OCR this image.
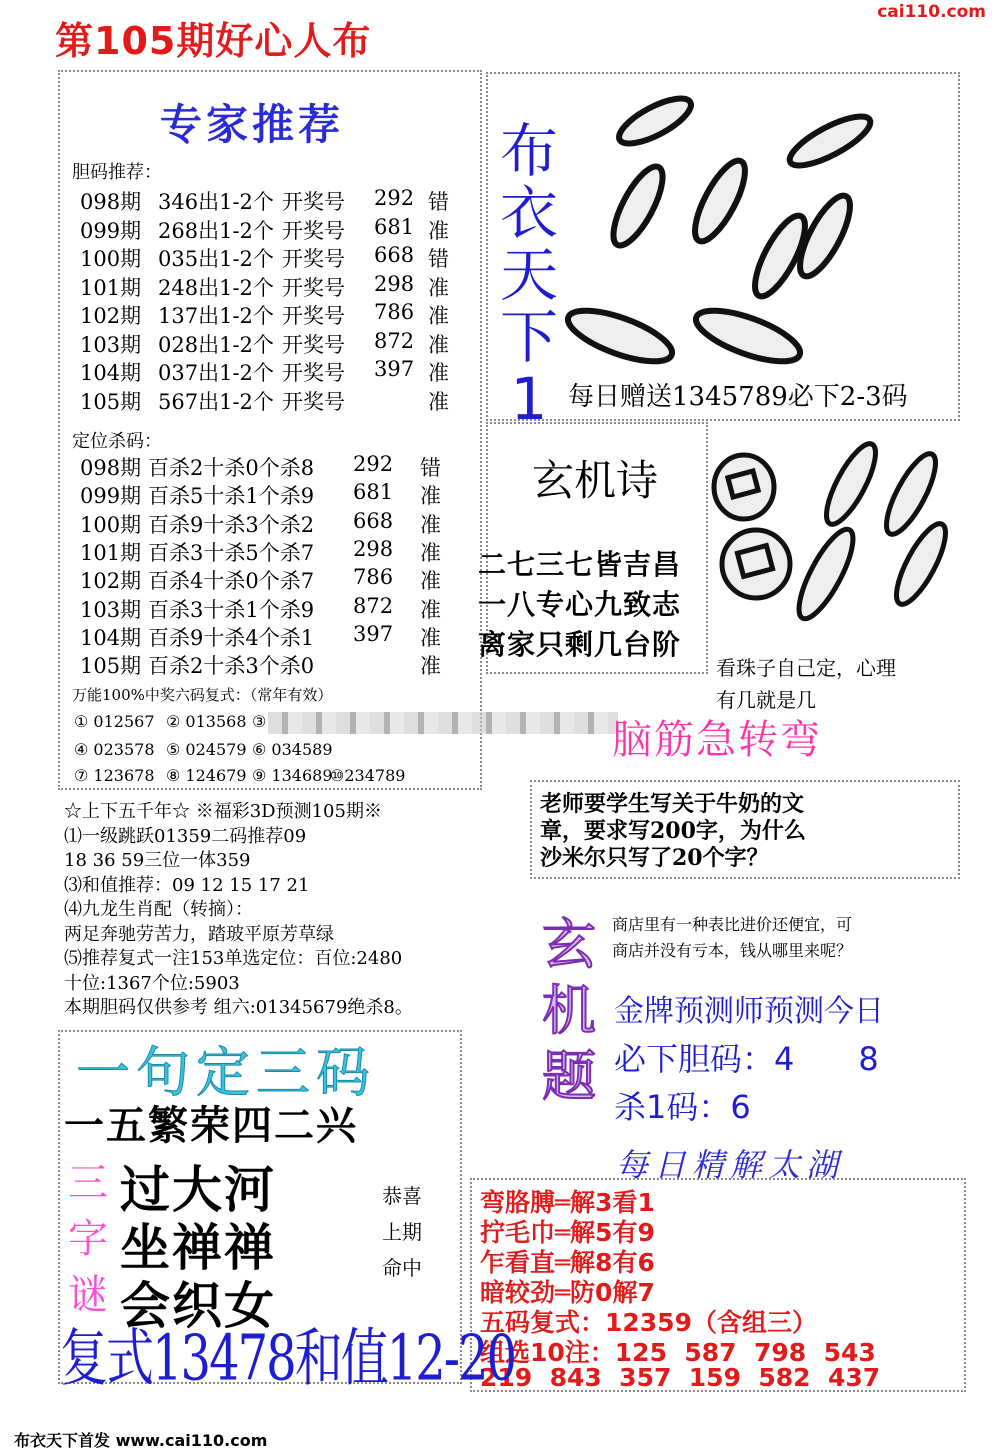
第105期好心人布
cai110.com
专家推荐
胆码推荐：
098期 346出1-2个 开奖号 292 错
099期 268出1-2个 开奖号 681 准
100期 035出1-2个 开奖号 668 错
101期 248出1-2个 开奖号 298 准
102期 137出1-2个 开奖号 786 准
103期 028出1-2个 开奖号 872 准
104期 037出1-2个 开奖号 397 准
105期 567出1-2个 开奖号	准
定位杀码：
098期 百杀2十杀0个杀8 292 错
099期 百杀5十杀1个杀9 681 准
100期 百杀9十杀3个杀2 668 准
101期 百杀3十杀5个杀7 298 准
102期 百杀4十杀0个杀7 786 准
103期 百杀3十杀1个杀9 872 准
104期 百杀9十杀4个杀1 397 准
105期 百杀2十杀3个杀0	准
万能100%中奖六码复式：（常年有效）
① 012567 ② 013568 ③
④ 023578 ⑤ 024579 ⑥ 034589
⑦ 123678 ⑧ 124679 ⑨ 134689
⑩234789
☆上下五千年☆ ※福彩3D预测105期※
⑴一级跳跃01359二码推荐09
18 36 59三位一体359
⑶和值推荐：09 12 15 17 21
⑷九龙生肖配（转摘）：
两足奔驰劳苦力，踏玻平原芳草绿
⑸推荐复式一注153单选定位：百位:2480
十位:1367个位:5903
本期胆码仅供参考 组六:01345679绝杀8。
布
衣
天
下
1 每日赠送1345789必下2-3码
玄机诗
二七三七皆吉昌
一八专心九致志
离家只剩几台阶
看珠子自己定，心理
有几就是几
脑筋急转弯
老师要学生写关于牛奶的文
章，要求写200字，为什么
沙米尔只写了20个字？
玄
机
题
商店里有一种表比进价还便宜，可
商店并没有亏本，钱从哪里来呢？
金牌预测师预测今日
必下胆码：4　　8
杀1码：6
每日精解太湖
弯胳膊═解3看1
拧毛巾═解5有9
乍看直═解8有6
暗较劲═防0解7
五码复式：12359（含组三）
组选10注：125  587  798  543
219  843  357  159  582  437
一句定三码
一五繁荣四二兴
三
字
谜
过大河
坐禅禅
会织女
恭喜
上期
命中
复式13478和值12-20
布衣天下首发 www.cai110.com
